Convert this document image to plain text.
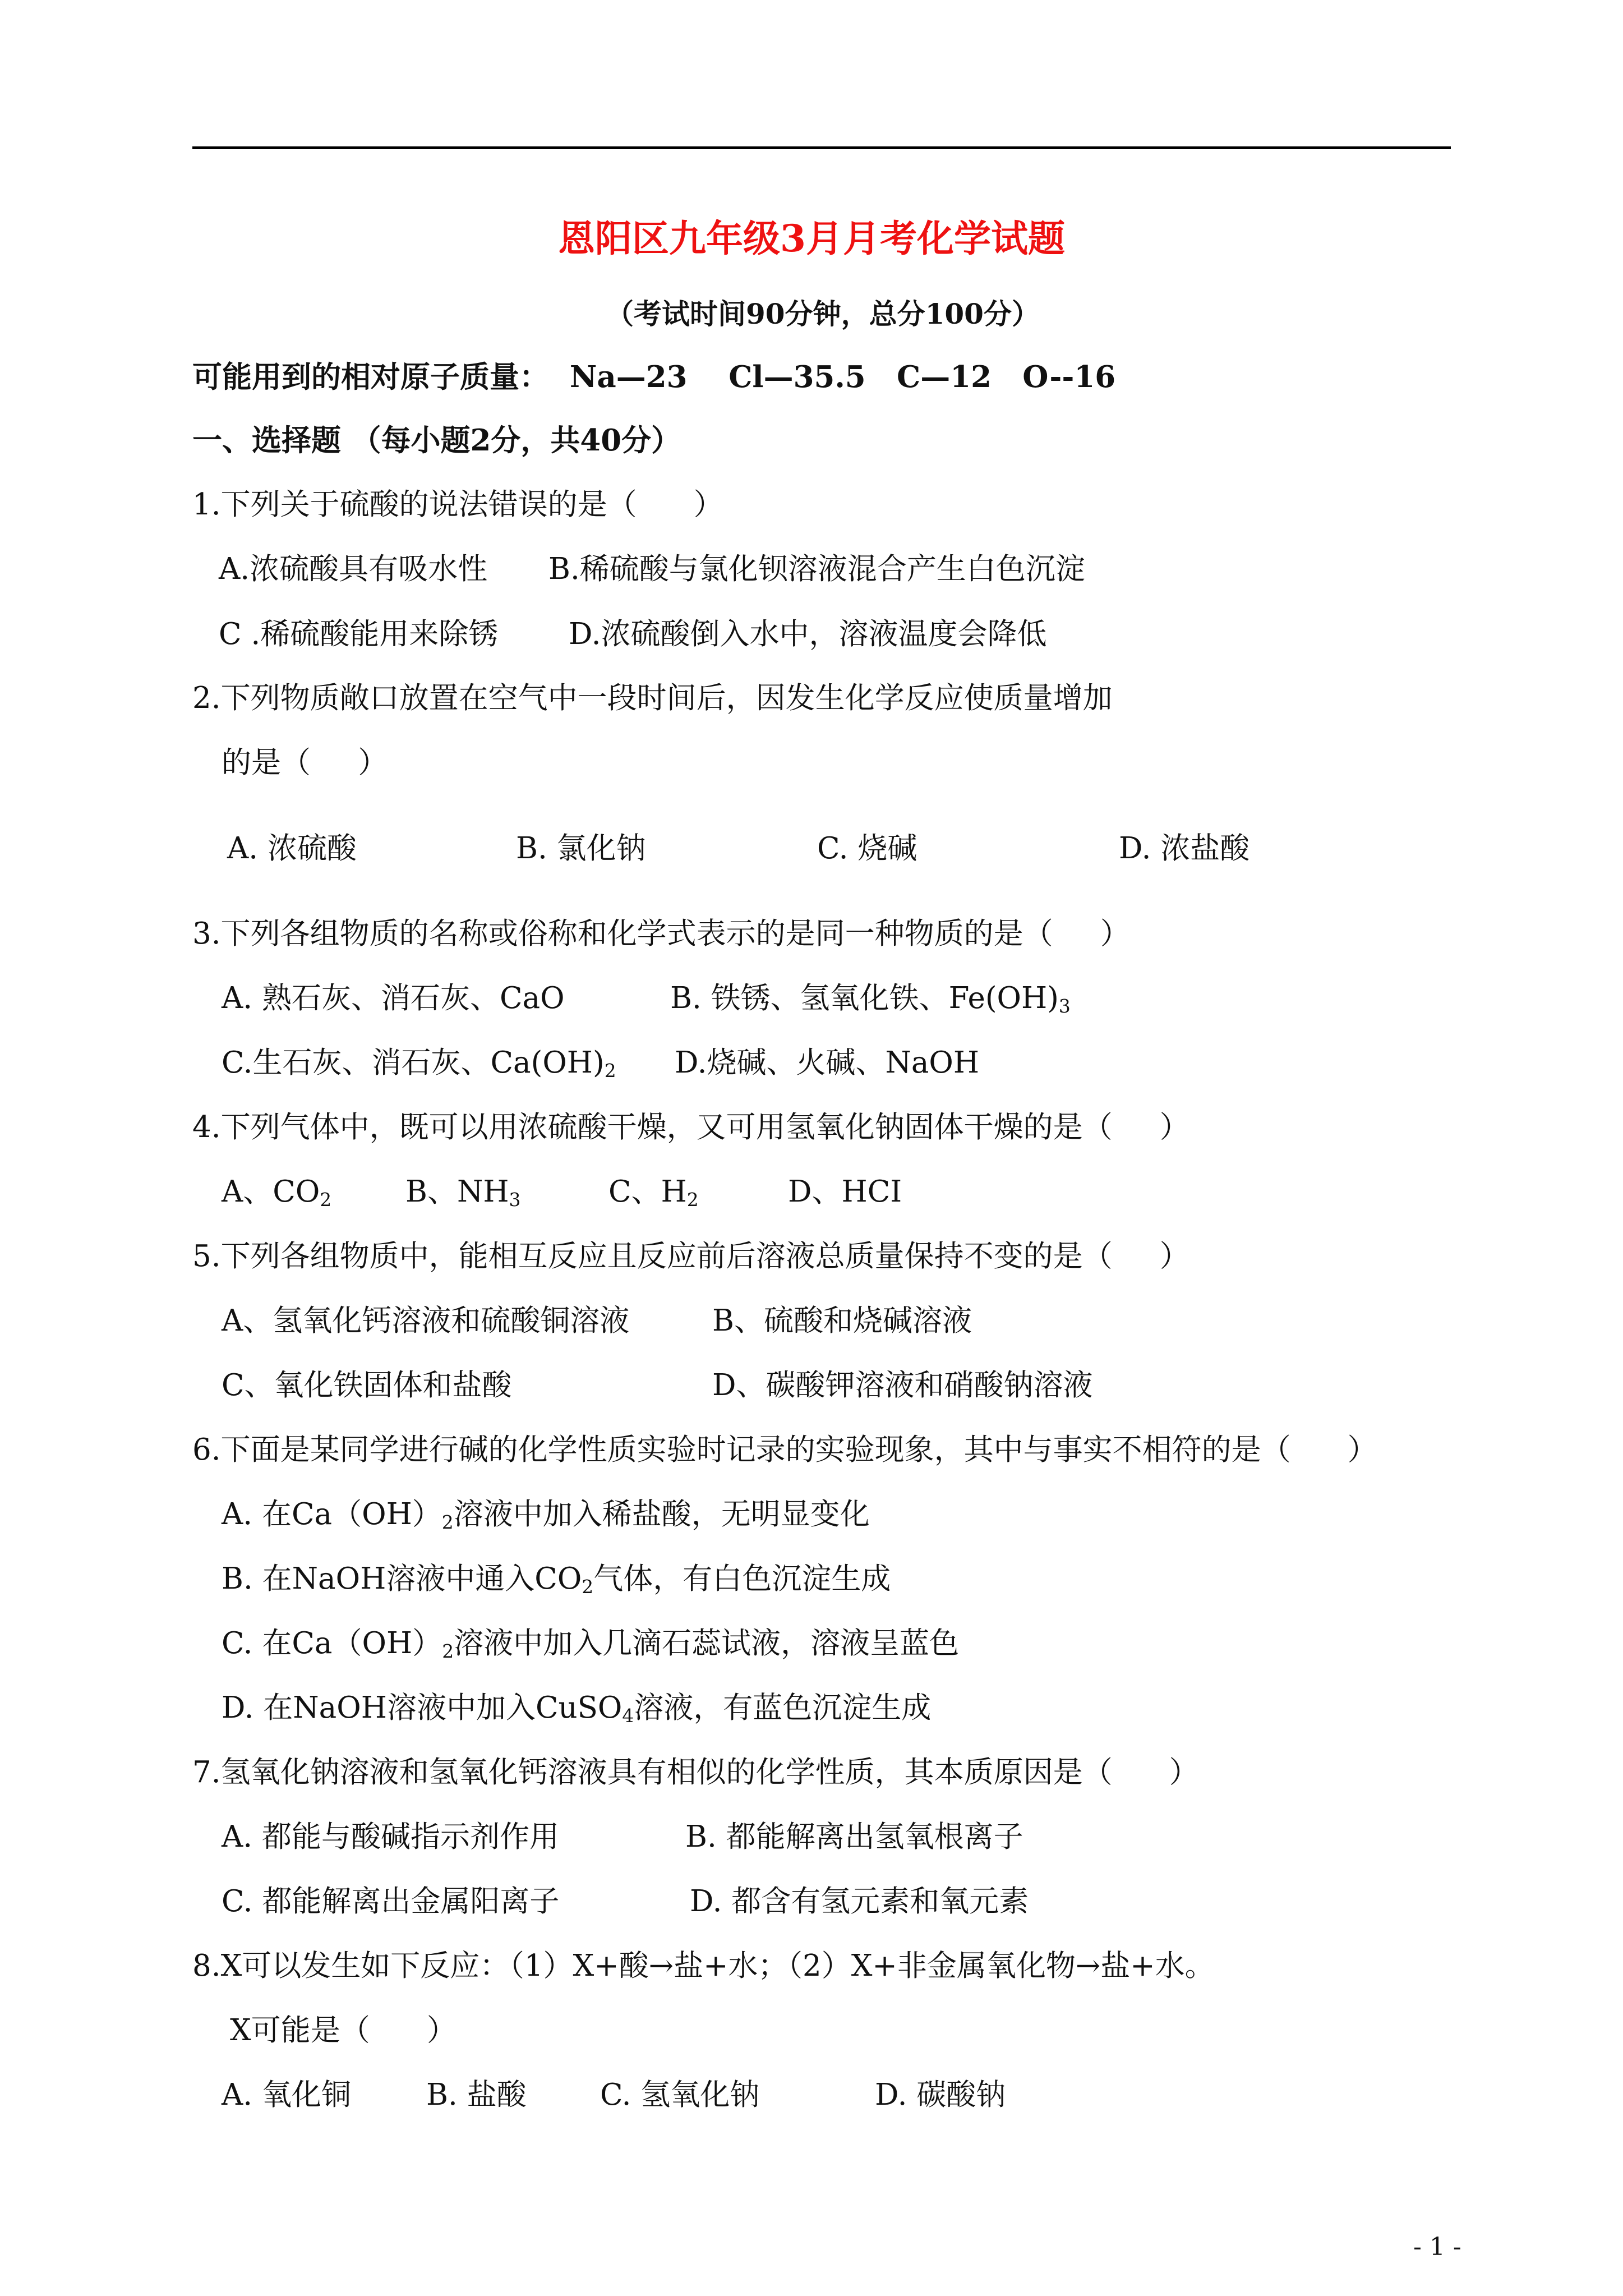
恩阳区九年级3月月考化学试题
（考试时间90分钟，总分100分）
可能用到的相对原子质量：  Na—23    Cl—35.5   C—12   O--16
一、选择题 （每小题2分，共40分）
1.下列关于硫酸的说法错误的是（      ）
A.浓硫酸具有吸水性 B.稀硫酸与氯化钡溶液混合产生白色沉淀
C .稀硫酸能用来除锈 D.浓硫酸倒入水中，溶液温度会降低
2.下列物质敞口放置在空气中一段时间后，因发生化学反应使质量增加
的是（     ）
A. 浓硫酸	B. 氯化钠	C. 烧碱	D. 浓盐酸
3.下列各组物质的名称或俗称和化学式表示的是同一种物质的是（     ）
A. 熟石灰、消石灰、CaO	B. 铁锈、氢氧化铁、$Fe(OH)_3$
C.生石灰、消石灰、$Ca(OH)_2$ D.烧碱、火碱、NaOH
4.下列气体中，既可以用浓硫酸干燥，又可用氢氧化钠固体干燥的是（     ）
A、$CO_2$ B、$NH_3$	C、$H_2$	D、HCI
5.下列各组物质中，能相互反应且反应前后溶液总质量保持不变的是（     ）
A、氢氧化钙溶液和硫酸铜溶液	B、硫酸和烧碱溶液
C、氧化铁固体和盐酸	D、碳酸钾溶液和硝酸钠溶液
6.下面是某同学进行碱的化学性质实验时记录的实验现象，其中与事实不相符的是（      ）
A. 在$Ca(OH)_2$溶液中加入稀盐酸，无明显变化
B. 在NaOH溶液中通入$CO_2$气体，有白色沉淀生成
C. 在$Ca(OH)_2$溶液中加入几滴石蕊试液，溶液呈蓝色
D. 在NaOH溶液中加入CuSO$_4$溶液，有蓝色沉淀生成
7.氢氧化钠溶液和氢氧化钙溶液具有相似的化学性质，其本质原因是（      ）
A. 都能与酸碱指示剂作用	B. 都能解离出氢氧根离子
C. 都能解离出金属阳离子	D. 都含有氢元素和氧元素
8.X可以发生如下反应：（1）X+酸→盐+水；（2）X+非金属氧化物→盐+水。
X可能是（      ）
A. 氧化铜	B. 盐酸 C. 氢氧化钠	D. 碳酸钠
- 1 -
